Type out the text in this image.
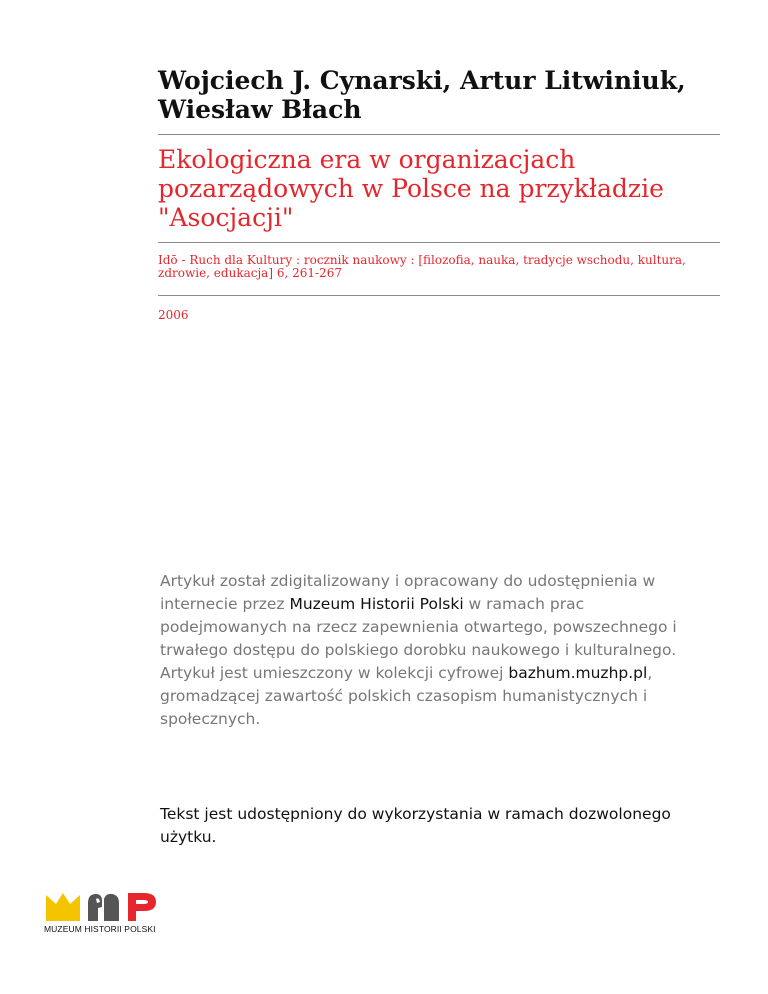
Wojciech J. Cynarski, Artur Litwiniuk, Wiesław Błach
Ekologiczna era w organizacjach pozarządowych w Polsce na przykładzie "Asocjacji"
Idō - Ruch dla Kultury : rocznik naukowy : [filozofia, nauka, tradycje wschodu, kultura, zdrowie, edukacja] 6, 261-267
2006

Artykuł został zdigitalizowany i opracowany do udostępnienia w internecie przez Muzeum Historii Polski w ramach prac podejmowanych na rzecz zapewnienia otwartego, powszechnego i trwałego dostępu do polskiego dorobku naukowego i kulturalnego. Artykuł jest umieszczony w kolekcji cyfrowej bazhum.muzhp.pl, gromadzącej zawartość polskich czasopism humanistycznych i społecznych.

Tekst jest udostępniony do wykorzystania w ramach dozwolonego użytku.

MUZEUM HISTORII POLSKI
